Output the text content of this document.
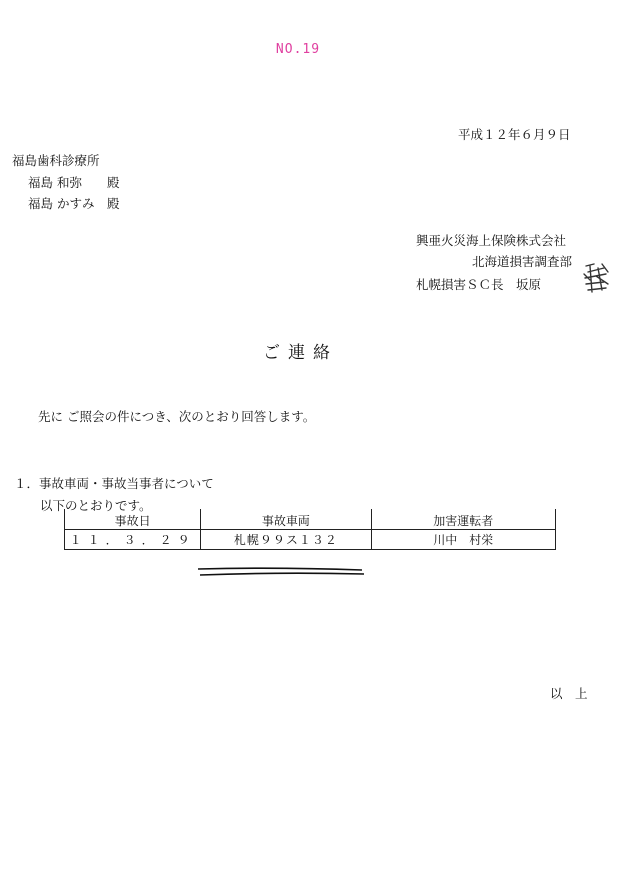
NO.19
平成１２年６月９日
福島歯科診療所
福島 和弥　　殿
福島 かすみ　殿
興亜火災海上保険株式会社
北海道損害調査部
札幌損害ＳＣ長　坂原
ご連絡
先に ご照会の件につき、次のとおり回答します。
１．事故車両・事故当事者について
以下のとおりです。
事故日	事故車両	加害運転者
１１．３．２９	札幌９９ス１３２	川中　村栄
以　上
